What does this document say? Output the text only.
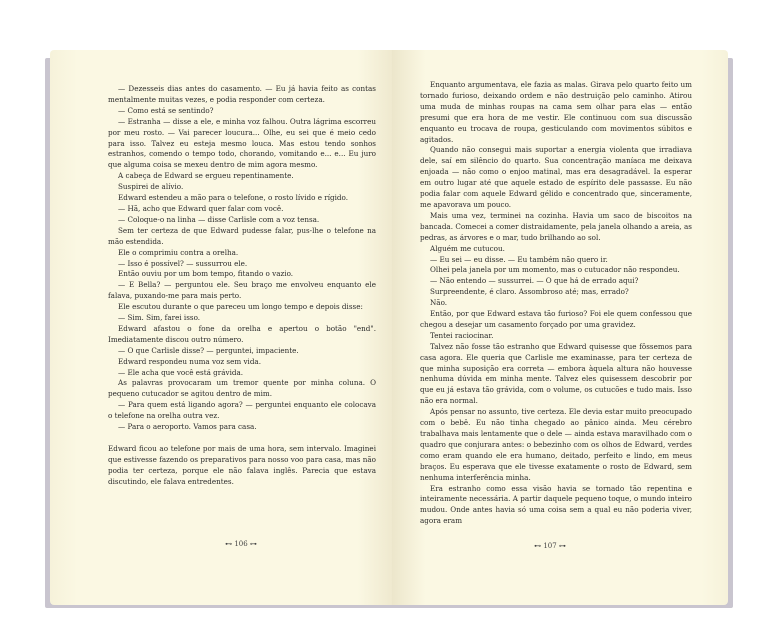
— Dezesseis dias antes do casamento. — Eu já havia feito as contas mentalmente muitas vezes, e podia responder com certeza.

— Como está se sentindo?

— Estranha — disse a ele, e minha voz falhou. Outra lágrima escorreu por meu rosto. — Vai parecer loucura... Olhe, eu sei que é meio cedo para isso. Talvez eu esteja mesmo louca. Mas estou tendo sonhos estranhos, comendo o tempo todo, chorando, vomitando e... e... Eu juro que alguma coisa se mexeu dentro de mim agora mesmo.

A cabeça de Edward se ergueu repentinamente.

Suspirei de alívio.

Edward estendeu a mão para o telefone, o rosto lívido e rígido.

— Hã, acho que Edward quer falar com você.

— Coloque-o na linha — disse Carlisle com a voz tensa.

Sem ter certeza de que Edward pudesse falar, pus-lhe o telefone na mão estendida.

Ele o comprimiu contra a orelha.

— Isso é possível? — sussurrou ele.

Então ouviu por um bom tempo, fitando o vazio.

— E Bella? — perguntou ele. Seu braço me envolveu enquanto ele falava, puxando-me para mais perto.

Ele escutou durante o que pareceu um longo tempo e depois disse:

— Sim. Sim, farei isso.

Edward afastou o fone da orelha e apertou o botão "end". Imediatamente discou outro número.

— O que Carlisle disse? — perguntei, impaciente.

Edward respondeu numa voz sem vida.

— Ele acha que você está grávida.

As palavras provocaram um tremor quente por minha coluna. O pequeno cutucador se agitou dentro de mim.

— Para quem está ligando agora? — perguntei enquanto ele colocava o telefone na orelha outra vez.

— Para o aeroporto. Vamos para casa.

Edward ficou ao telefone por mais de uma hora, sem intervalo. Imaginei que estivesse fazendo os preparativos para nosso voo para casa, mas não podia ter certeza, porque ele não falava inglês. Parecia que estava discutindo, ele falava entredentes.

⊷ 106 ⊶

Enquanto argumentava, ele fazia as malas. Girava pelo quarto feito um tornado furioso, deixando ordem e não destruição pelo caminho. Atirou uma muda de minhas roupas na cama sem olhar para elas — então presumi que era hora de me vestir. Ele continuou com sua discussão enquanto eu trocava de roupa, gesticulando com movimentos súbitos e agitados.

Quando não consegui mais suportar a energia violenta que irradiava dele, saí em silêncio do quarto. Sua concentração maníaca me deixava enjoada — não como o enjoo matinal, mas era desagradável. Ia esperar em outro lugar até que aquele estado de espírito dele passasse. Eu não podia falar com aquele Edward gélido e concentrado que, sinceramente, me apavorava um pouco.

Mais uma vez, terminei na cozinha. Havia um saco de biscoitos na bancada. Comecei a comer distraidamente, pela janela olhando a areia, as pedras, as árvores e o mar, tudo brilhando ao sol.

Alguém me cutucou.

— Eu sei — eu disse. — Eu também não quero ir.

Olhei pela janela por um momento, mas o cutucador não respondeu.

— Não entendo — sussurrei. — O que há de errado aqui?

Surpreendente, é claro. Assombroso até; mas, errado?

Não.

Então, por que Edward estava tão furioso? Foi ele quem confessou que chegou a desejar um casamento forçado por uma gravidez.

Tentei raciocinar.

Talvez não fosse tão estranho que Edward quisesse que fôssemos para casa agora. Ele queria que Carlisle me examinasse, para ter certeza de que minha suposição era correta — embora àquela altura não houvesse nenhuma dúvida em minha mente. Talvez eles quisessem descobrir por que eu já estava tão grávida, com o volume, os cutucões e tudo mais. Isso não era normal.

Após pensar no assunto, tive certeza. Ele devia estar muito preocupado com o bebê. Eu não tinha chegado ao pânico ainda. Meu cérebro trabalhava mais lentamente que o dele — ainda estava maravilhado com o quadro que conjurara antes: o bebezinho com os olhos de Edward, verdes como eram quando ele era humano, deitado, perfeito e lindo, em meus braços. Eu esperava que ele tivesse exatamente o rosto de Edward, sem nenhuma interferência minha.

Era estranho como essa visão havia se tornado tão repentina e inteiramente necessária. A partir daquele pequeno toque, o mundo inteiro mudou. Onde antes havia só uma coisa sem a qual eu não poderia viver, agora eram

⊷ 107 ⊶
